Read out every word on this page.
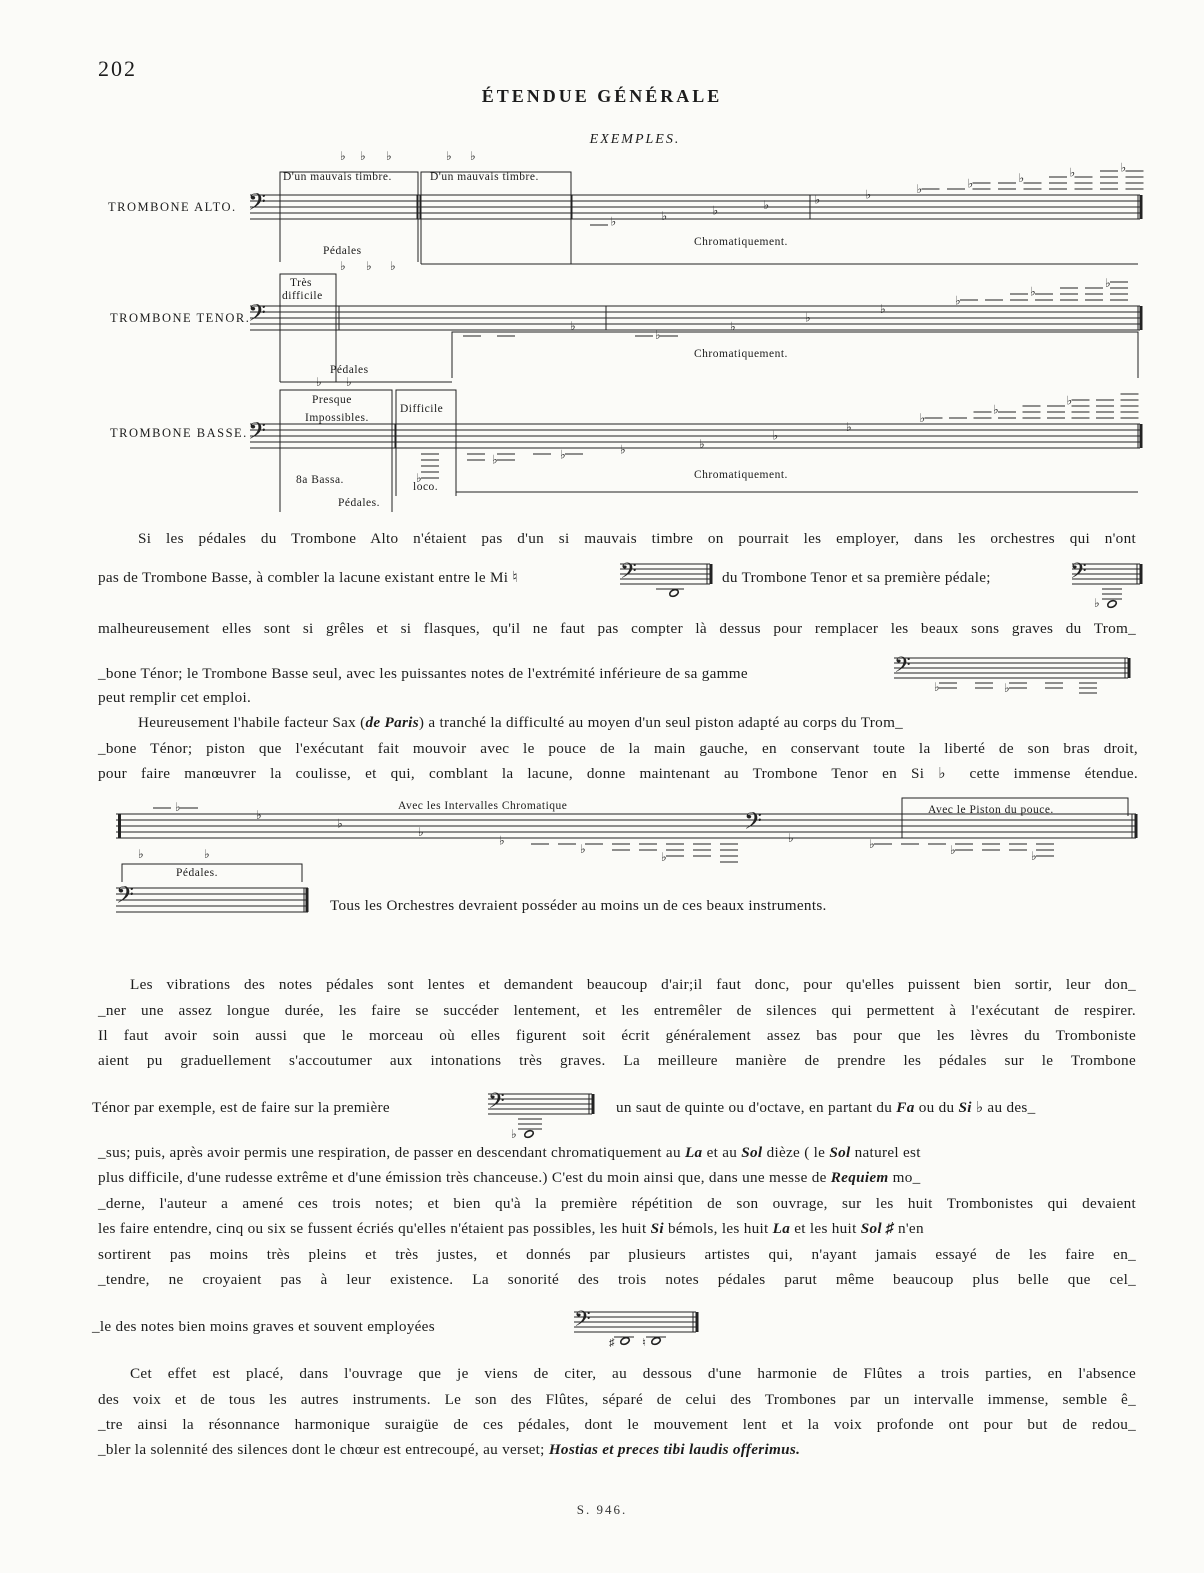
202
ÉTENDUE GÉNÉRALE
EXEMPLES.
TROMBONE ALTO. 𝄢
♭ ♭ ♭	♭ ♭
♭	♭	♭	♭	♭	♭	♭	♭	♭	♭	♭
D'un mauvais timbre.	D'un mauvais timbre.
Pédales
Chromatiquement.
TROMBONE TENOR.
𝄢
♭ ♭ ♭
♭
♭
♭
♭
♭
♭
♭
♭
Très
difficile
Pédales
Chromatiquement.
TROMBONE BASSE. 𝄢
♭ ♭
♭
♭	♭	♭	♭
♭
♭
♭
♭
♭
Presque
Impossibles.
Difficile
8a Bassa.
loco.
Pédales.
Chromatiquement.
Si les pédales du Trombone Alto n'étaient pas d'un si mauvais timbre on pourrait les employer, dans les orchestres qui n'ont
pas de Trombone Basse, à combler la lacune existant entre le Mi ♮	𝄢	du Trombone Tenor et sa première pédale;	𝄢
♭
malheureusement elles sont si grêles et si flasques, qu'il ne faut pas compter là dessus pour remplacer les beaux sons graves du Trom_
_bone Ténor; le Trombone Basse seul, avec les puissantes notes de l'extrémité inférieure de sa gamme	𝄢
♭	♭
peut remplir cet emploi.
Heureusement l'habile facteur Sax (de Paris) a tranché la difficulté au moyen d'un seul piston adapté au corps du Trom_
_bone Ténor; piston que l'exécutant fait mouvoir avec le pouce de la main gauche, en conservant toute la liberté de son bras droit,
pour faire manœuvrer la coulisse, et qui, comblant la lacune, donne maintenant au Trombone Tenor en Si ♭ cette immense étendue.
♭
♭
♭
♭
♭
♭
♭
𝄢 ♭	♭	♭	♭
Avec les Intervalles Chromatique	Avec le Piston du pouce.
𝄢
♭	♭
Pédales.
Tous les Orchestres devraient posséder au moins un de ces beaux instruments.
Les vibrations des notes pédales sont lentes et demandent beaucoup d'air;il faut donc, pour qu'elles puissent bien sortir, leur don_
_ner une assez longue durée, les faire se succéder lentement, et les entremêler de silences qui permettent à l'exécutant de respirer.
Il faut avoir soin aussi que le morceau où elles figurent soit écrit généralement assez bas pour que les lèvres du Tromboniste
aient pu graduellement s'accoutumer aux intonations très graves. La meilleure manière de prendre les pédales sur le Trombone
Ténor par exemple, est de faire sur la première	𝄢
♭
un saut de quinte ou d'octave, en partant du Fa ou du Si ♭ au des_
_sus; puis, après avoir permis une respiration, de passer en descendant chromatiquement au La et au Sol dièze ( le Sol naturel est
plus difficile, d'une rudesse extrême et d'une émission très chanceuse.) C'est du moin ainsi que, dans une messe de Requiem mo_
_derne, l'auteur a amené ces trois notes; et bien qu'à la première répétition de son ouvrage, sur les huit Trombonistes qui devaient
les faire entendre, cinq ou six se fussent écriés qu'elles n'étaient pas possibles, les huit Si bémols, les huit La et les huit Sol ♯ n'en
sortirent pas moins très pleins et très justes, et donnés par plusieurs artistes qui, n'ayant jamais essayé de les faire en_
_tendre, ne croyaient pas à leur existence. La sonorité des trois notes pédales parut même beaucoup plus belle que cel_
_le des notes bien moins graves et souvent employées	𝄢
♯	♮
Cet effet est placé, dans l'ouvrage que je viens de citer, au dessous d'une harmonie de Flûtes a trois parties, en l'absence
des voix et de tous les autres instruments. Le son des Flûtes, séparé de celui des Trombones par un intervalle immense, semble ê_
_tre ainsi la résonnance harmonique suraigüe de ces pédales, dont le mouvement lent et la voix profonde ont pour but de redou_
_bler la solennité des silences dont le chœur est entrecoupé, au verset; Hostias et preces tibi laudis offerimus.
S. 946.
